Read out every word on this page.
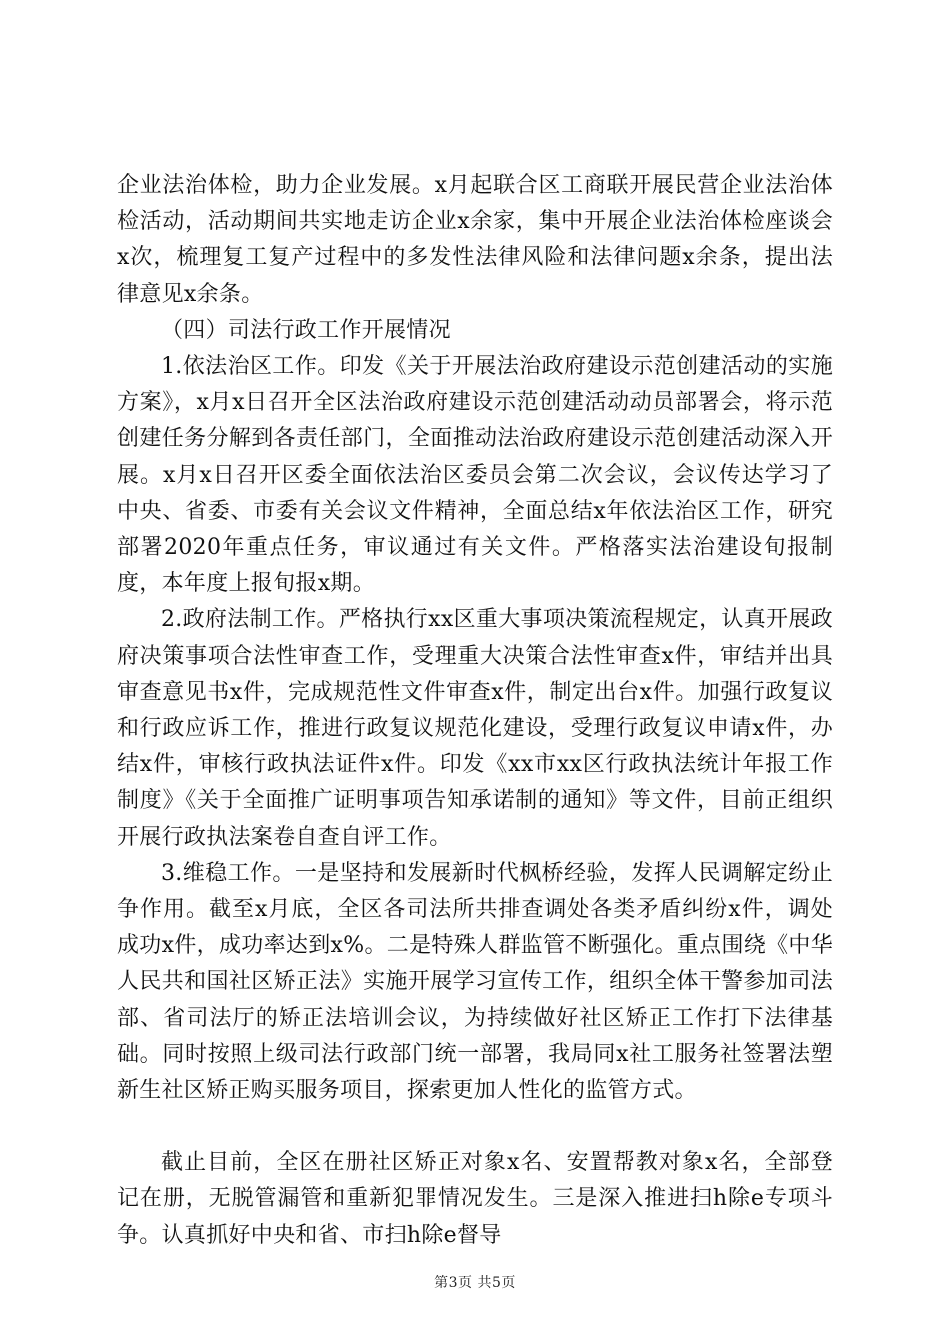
企业法治体检，助力企业发展。x月起联合区工商联开展民营企业法治体检活动，活动期间共实地走访企业x余家，集中开展企业法治体检座谈会x次，梳理复工复产过程中的多发性法律风险和法律问题x余条，提出法律意见x余条。

（四）司法行政工作开展情况

1.依法治区工作。印发《关于开展法治政府建设示范创建活动的实施方案》，x月x日召开全区法治政府建设示范创建活动动员部署会，将示范创建任务分解到各责任部门，全面推动法治政府建设示范创建活动深入开展。x月x日召开区委全面依法治区委员会第二次会议，会议传达学习了中央、省委、市委有关会议文件精神，全面总结x年依法治区工作，研究部署2020年重点任务，审议通过有关文件。严格落实法治建设旬报制度，本年度上报旬报x期。

2.政府法制工作。严格执行xx区重大事项决策流程规定，认真开展政府决策事项合法性审查工作，受理重大决策合法性审查x件，审结并出具审查意见书x件，完成规范性文件审查x件，制定出台x件。加强行政复议和行政应诉工作，推进行政复议规范化建设，受理行政复议申请x件，办结x件，审核行政执法证件x件。印发《xx市xx区行政执法统计年报工作制度》《关于全面推广证明事项告知承诺制的通知》等文件，目前正组织开展行政执法案卷自查自评工作。

3.维稳工作。一是坚持和发展新时代枫桥经验，发挥人民调解定纷止争作用。截至x月底，全区各司法所共排查调处各类矛盾纠纷x件，调处成功x件，成功率达到x%。二是特殊人群监管不断强化。重点围绕《中华人民共和国社区矫正法》实施开展学习宣传工作，组织全体干警参加司法部、省司法厅的矫正法培训会议，为持续做好社区矫正工作打下法律基础。同时按照上级司法行政部门统一部署，我局同x社工服务社签署法塑新生社区矫正购买服务项目，探索更加人性化的监管方式。

截止目前，全区在册社区矫正对象x名、安置帮教对象x名，全部登记在册，无脱管漏管和重新犯罪情况发生。三是深入推进扫h除e专项斗争。认真抓好中央和省、市扫h除e督导

第3页 共5页
